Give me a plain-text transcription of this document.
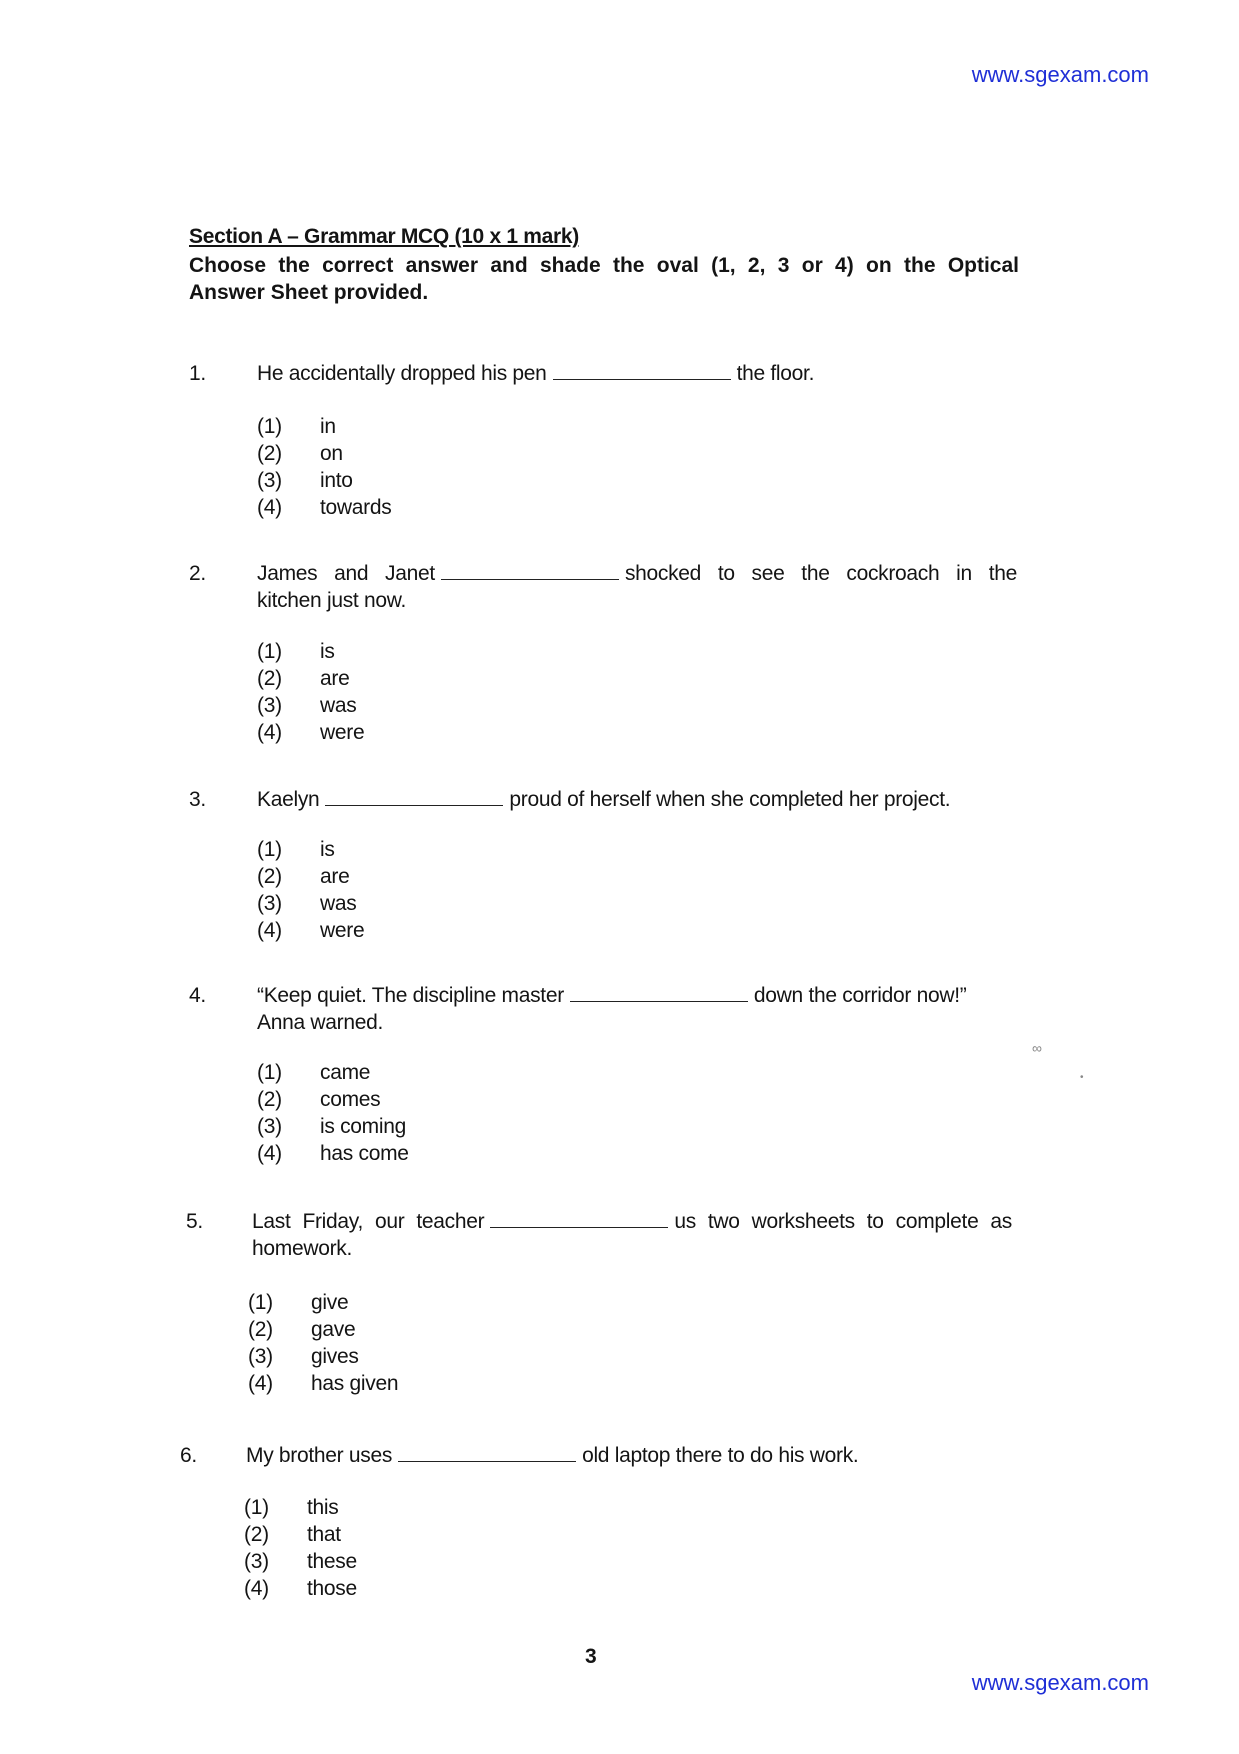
www.sgexam.com
Section A – Grammar MCQ (10 x 1 mark)
Choose the correct answer and shade the oval (1, 2, 3 or 4) on the Optical
Answer Sheet provided.
1. He accidentally dropped his pen	the floor.
(1) in
(2) on
(3) into
(4) towards
2. James and Janet	shocked to see the cockroach in the
kitchen just now.
(1) is
(2) are
(3) was
(4) were
3. Kaelyn	proud of herself when she completed her project.
(1) is
(2) are
(3) was
(4) were
4. “Keep quiet. The discipline master	down the corridor now!”
Anna warned.
(1) came
(2) comes
(3) is coming
(4) has come
5. Last Friday, our teacher	us two worksheets to complete as
homework.
(1) give
(2) gave
(3) gives
(4) has given
6. My brother uses	old laptop there to do his work.
(1) this
(2) that
(3) these
(4) those
3
www.sgexam.com
∞
•
